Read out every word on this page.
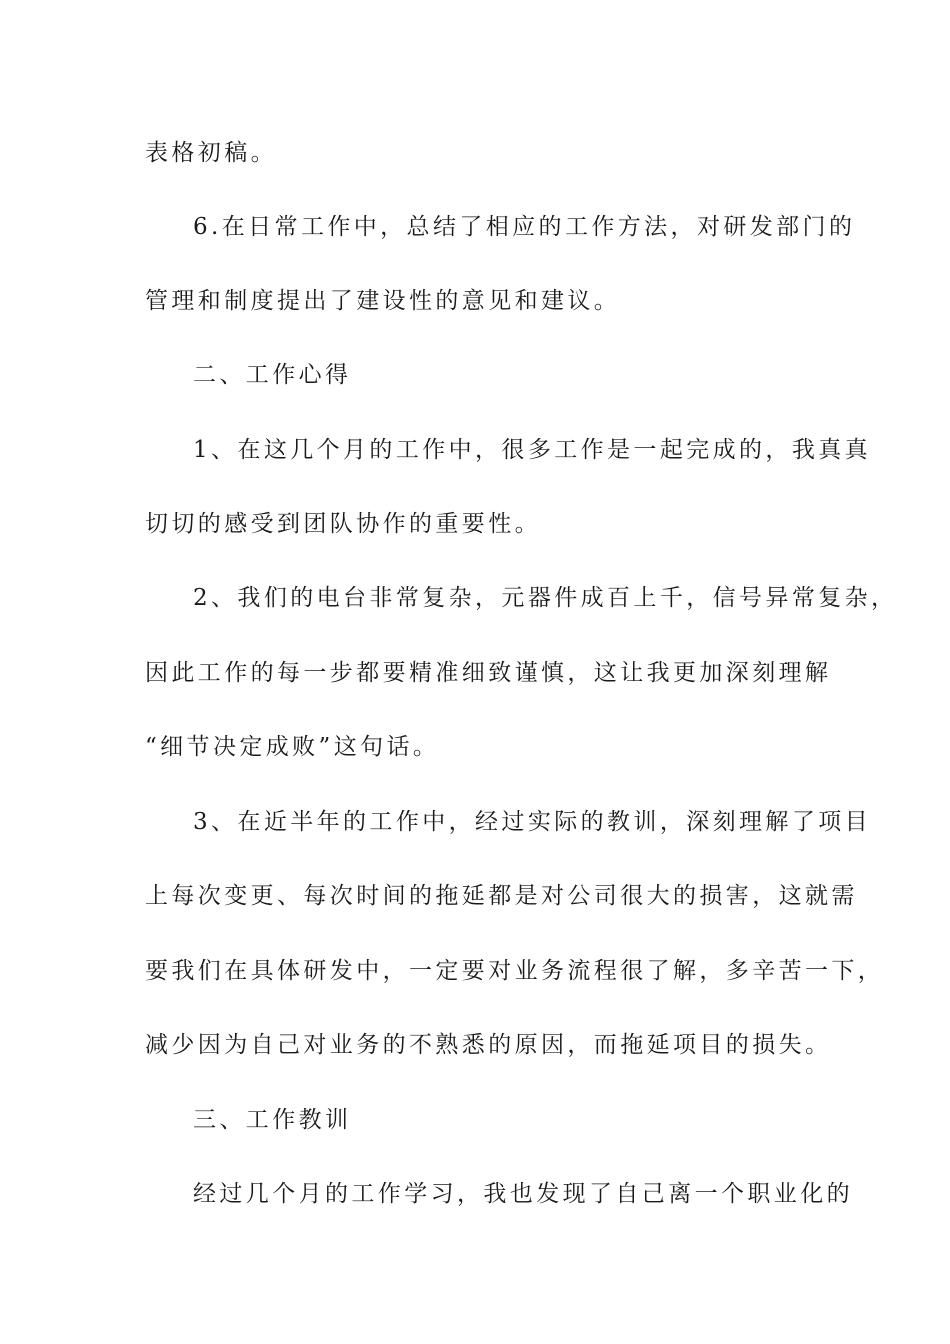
表格初稿。
6.在日常工作中，总结了相应的工作方法，对研发部门的
管理和制度提出了建设性的意见和建议。
二、工作心得
1、在这几个月的工作中，很多工作是一起完成的，我真真
切切的感受到团队协作的重要性。
2、我们的电台非常复杂，元器件成百上千，信号异常复杂，
因此工作的每一步都要精准细致谨慎，这让我更加深刻理解
“细节决定成败”这句话。
3、在近半年的工作中，经过实际的教训，深刻理解了项目
上每次变更、每次时间的拖延都是对公司很大的损害，这就需
要我们在具体研发中，一定要对业务流程很了解，多辛苦一下，
减少因为自己对业务的不熟悉的原因，而拖延项目的损失。
三、工作教训
经过几个月的工作学习，我也发现了自己离一个职业化的
